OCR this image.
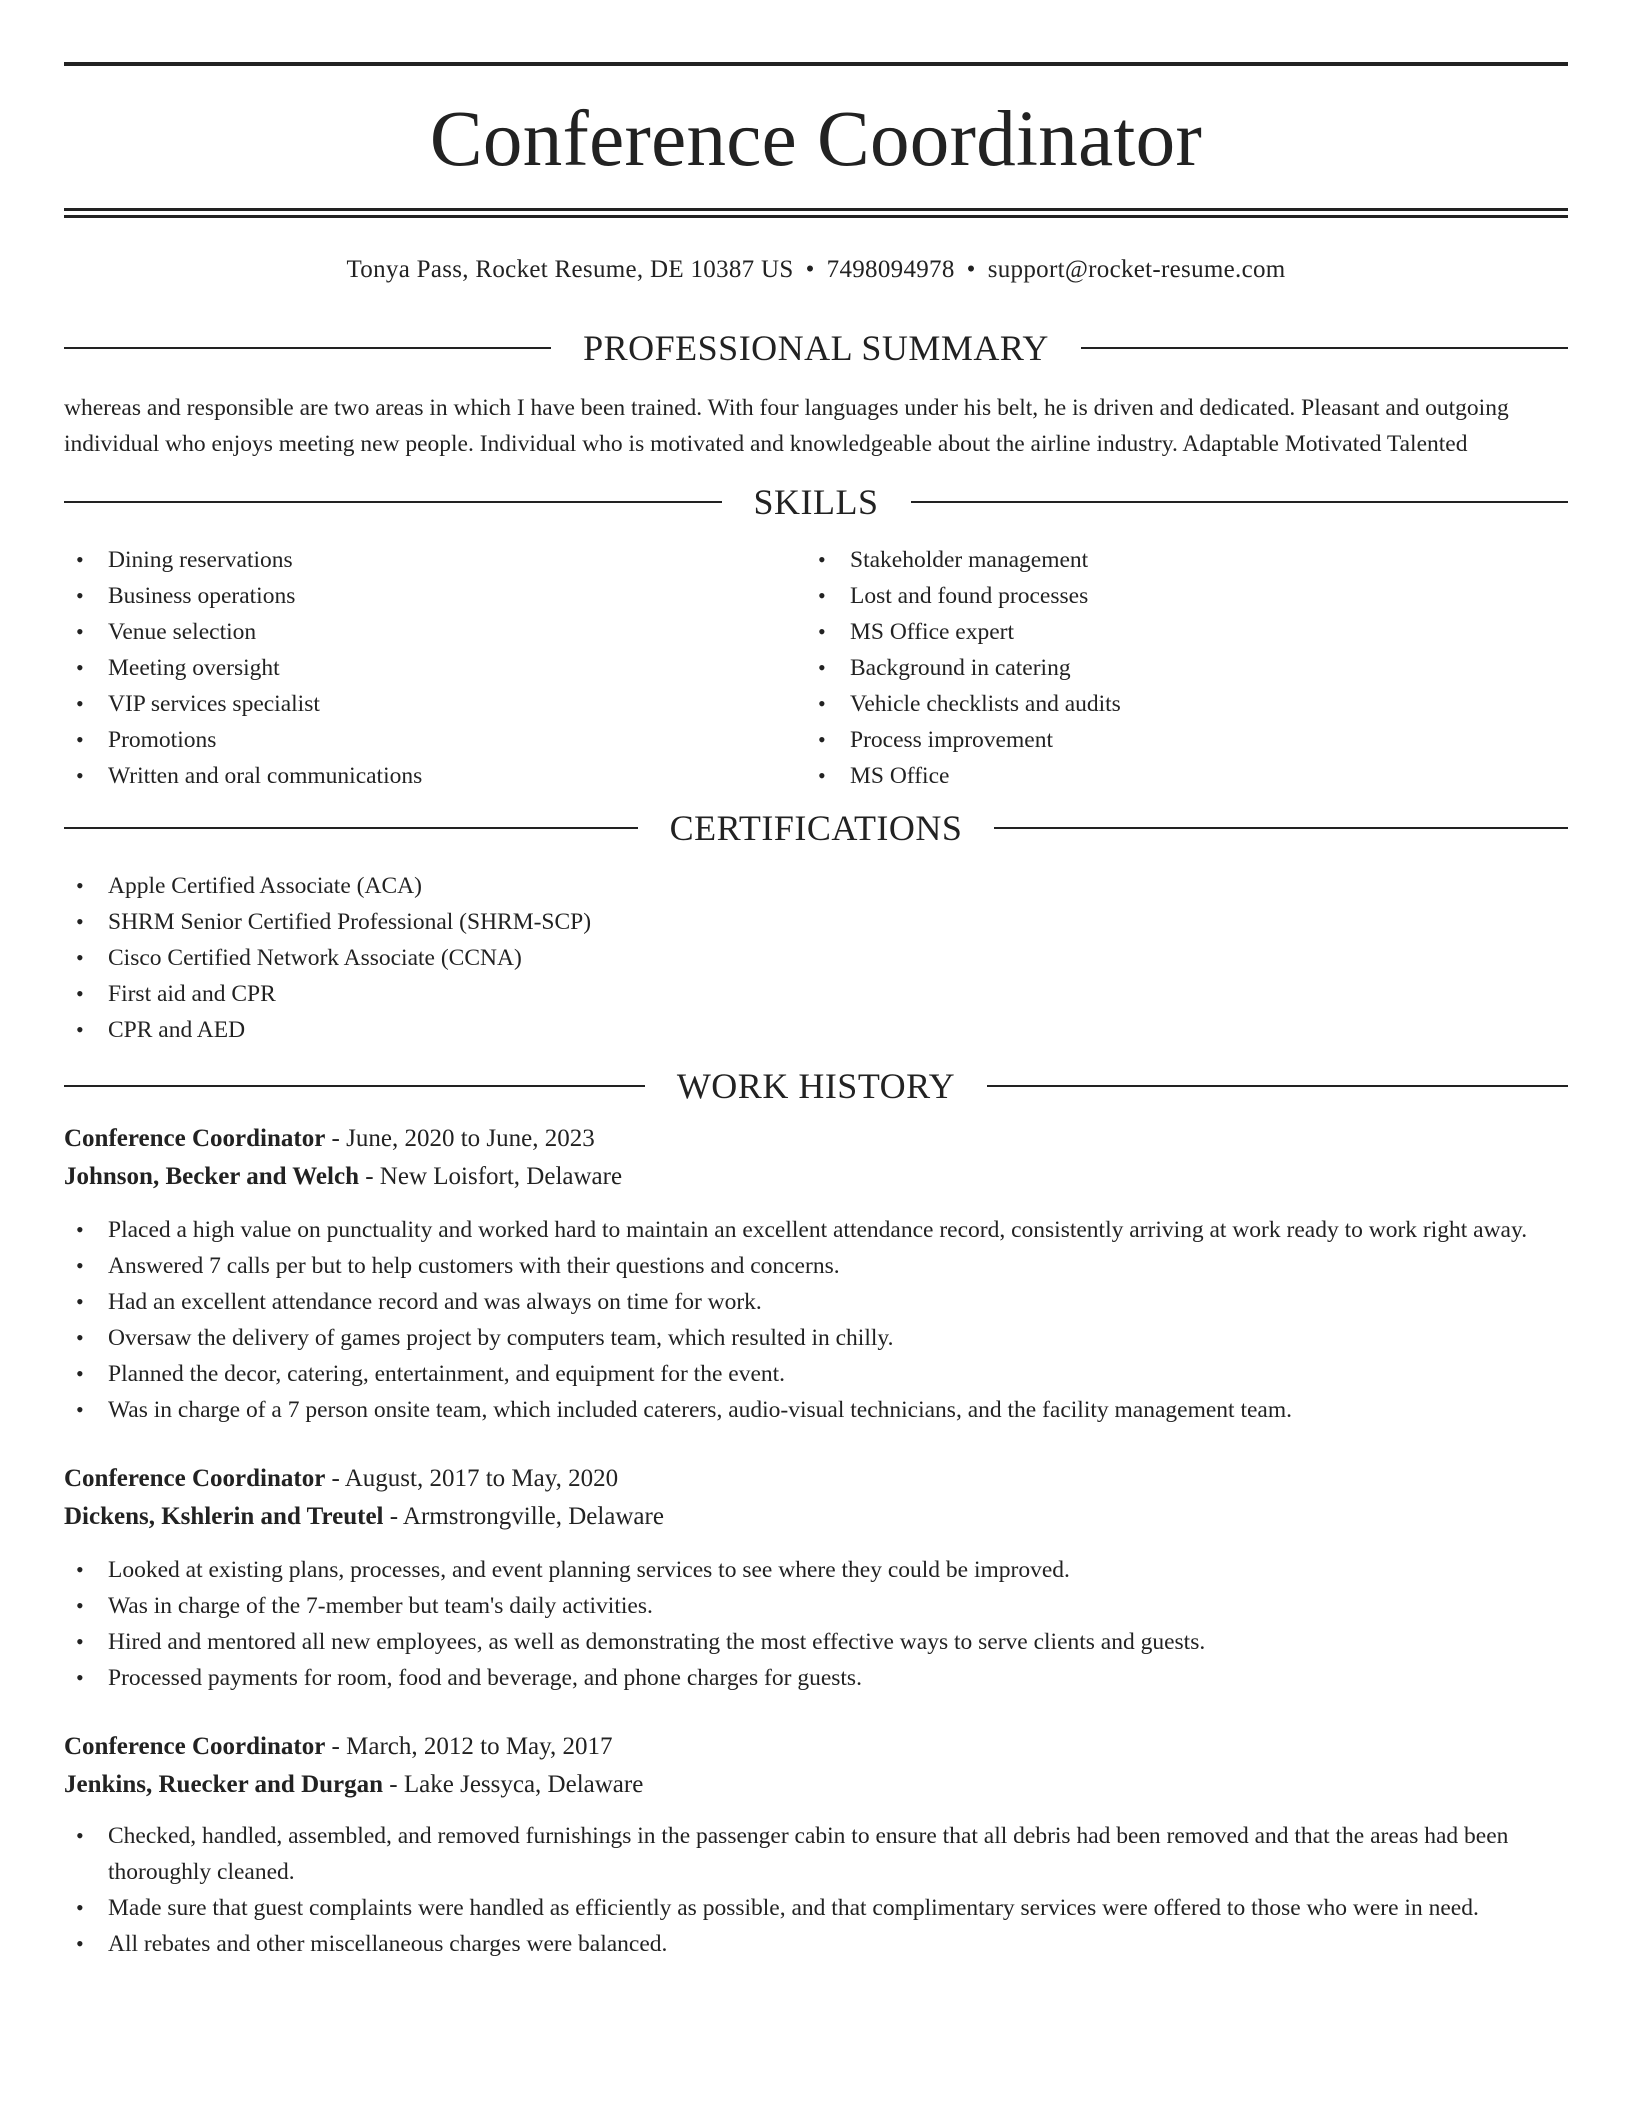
Conference Coordinator
Tonya Pass, Rocket Resume, DE 10387 US • 7498094978 • support@rocket-resume.com
PROFESSIONAL SUMMARY

whereas and responsible are two areas in which I have been trained. With four languages under his belt, he is driven and dedicated. Pleasant and outgoing individual who enjoys meeting new people. Individual who is motivated and knowledgeable about the airline industry. Adaptable Motivated Talented

SKILLS
• Dining reservations
• Business operations
• Venue selection
• Meeting oversight
• VIP services specialist
• Promotions
• Written and oral communications
• Stakeholder management
• Lost and found processes
• MS Office expert
• Background in catering
• Vehicle checklists and audits
• Process improvement
• MS Office
CERTIFICATIONS
• Apple Certified Associate (ACA)
• SHRM Senior Certified Professional (SHRM-SCP)
• Cisco Certified Network Associate (CCNA)
• First aid and CPR
• CPR and AED
WORK HISTORY
Conference Coordinator - June, 2020 to June, 2023
Johnson, Becker and Welch - New Loisfort, Delaware
• Placed a high value on punctuality and worked hard to maintain an excellent attendance record, consistently arriving at work ready to work right away.
• Answered 7 calls per but to help customers with their questions and concerns.
• Had an excellent attendance record and was always on time for work.
• Oversaw the delivery of games project by computers team, which resulted in chilly.
• Planned the decor, catering, entertainment, and equipment for the event.
• Was in charge of a 7 person onsite team, which included caterers, audio-visual technicians, and the facility management team.
Conference Coordinator - August, 2017 to May, 2020
Dickens, Kshlerin and Treutel - Armstrongville, Delaware
• Looked at existing plans, processes, and event planning services to see where they could be improved.
• Was in charge of the 7-member but team's daily activities.
• Hired and mentored all new employees, as well as demonstrating the most effective ways to serve clients and guests.
• Processed payments for room, food and beverage, and phone charges for guests.
Conference Coordinator - March, 2012 to May, 2017
Jenkins, Ruecker and Durgan - Lake Jessyca, Delaware
• Checked, handled, assembled, and removed furnishings in the passenger cabin to ensure that all debris had been removed and that the areas had been thoroughly cleaned.
• Made sure that guest complaints were handled as efficiently as possible, and that complimentary services were offered to those who were in need.
• All rebates and other miscellaneous charges were balanced.
